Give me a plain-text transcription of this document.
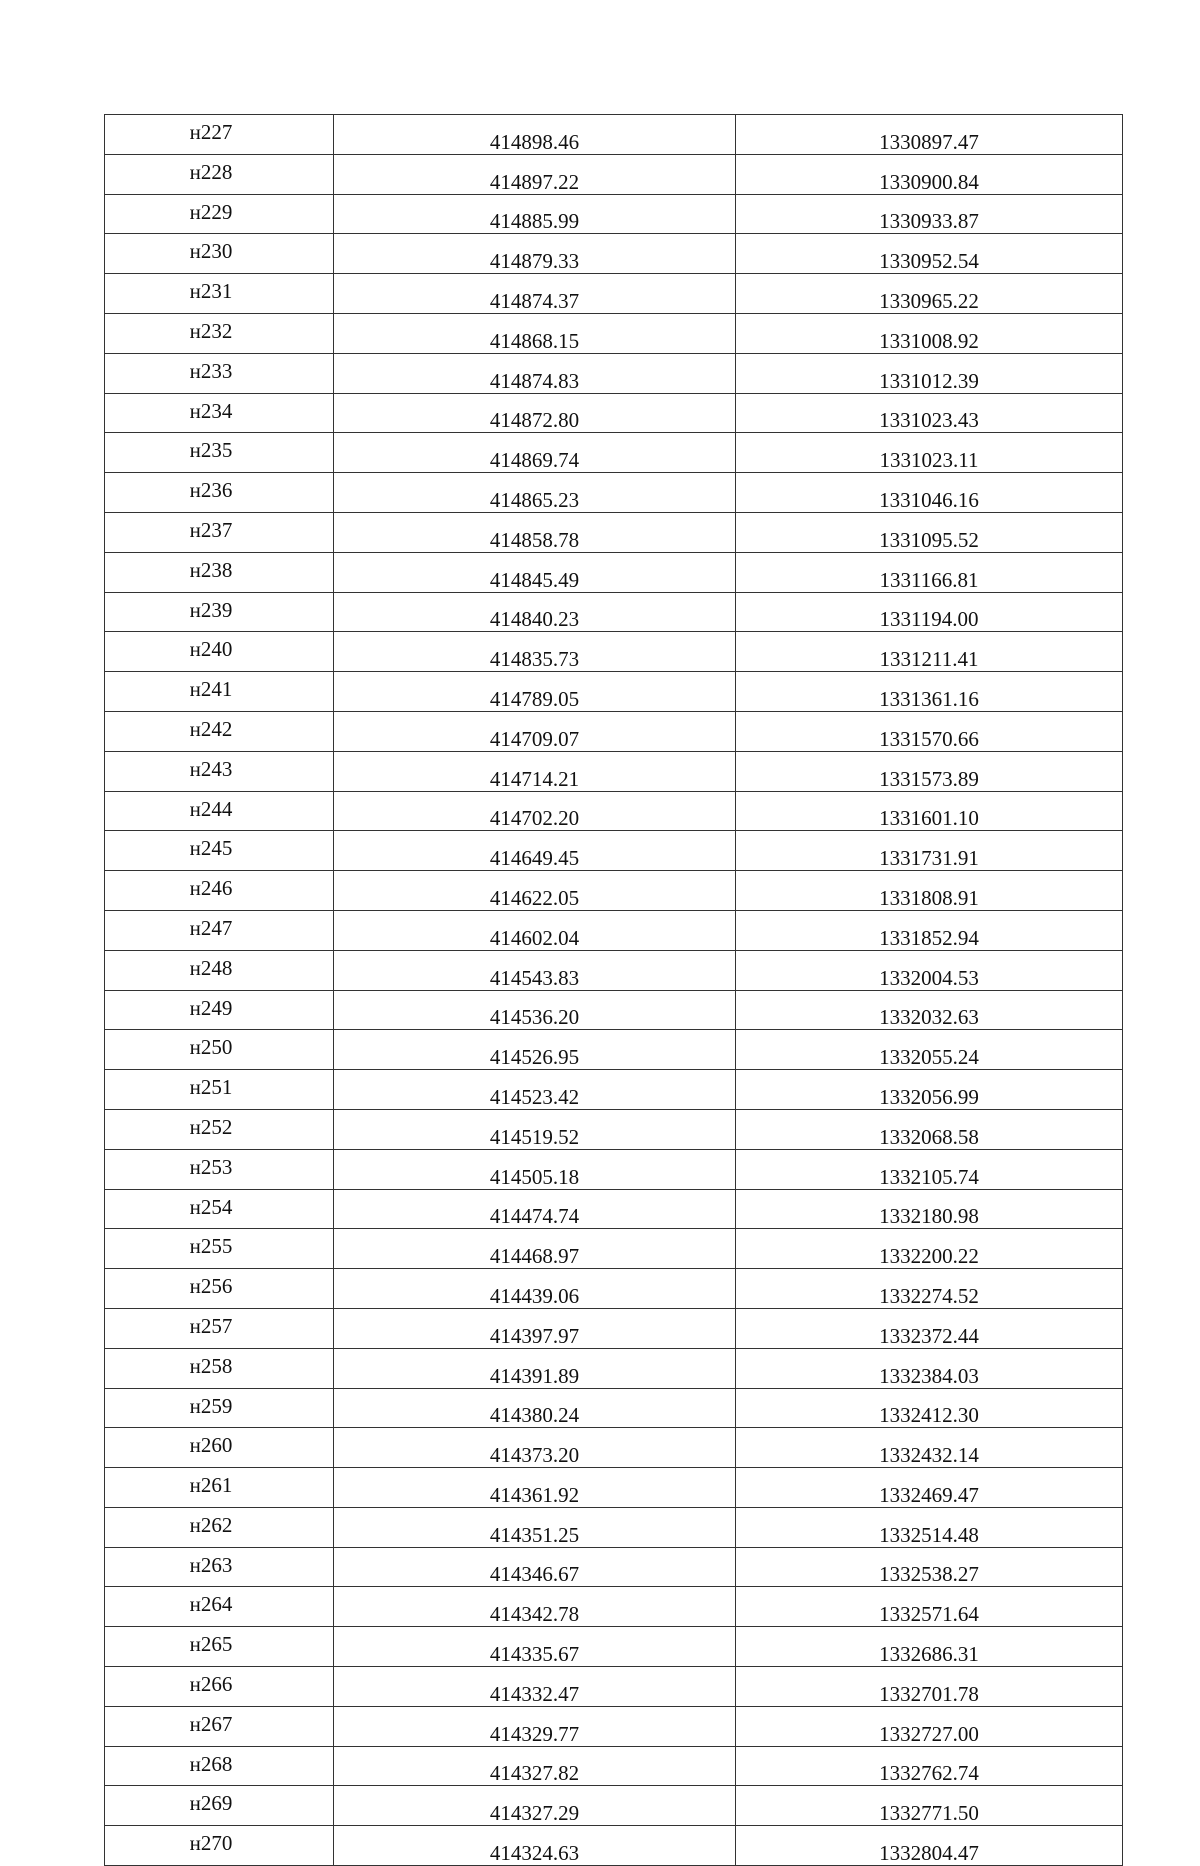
н227	414898.46	1330897.47
н228	414897.22	1330900.84
н229	414885.99	1330933.87
н230	414879.33	1330952.54
н231	414874.37	1330965.22
н232	414868.15	1331008.92
н233	414874.83	1331012.39
н234	414872.80	1331023.43
н235	414869.74	1331023.11
н236	414865.23	1331046.16
н237	414858.78	1331095.52
н238	414845.49	1331166.81
н239	414840.23	1331194.00
н240	414835.73	1331211.41
н241	414789.05	1331361.16
н242	414709.07	1331570.66
н243	414714.21	1331573.89
н244	414702.20	1331601.10
н245	414649.45	1331731.91
н246	414622.05	1331808.91
н247	414602.04	1331852.94
н248	414543.83	1332004.53
н249	414536.20	1332032.63
н250	414526.95	1332055.24
н251	414523.42	1332056.99
н252	414519.52	1332068.58
н253	414505.18	1332105.74
н254	414474.74	1332180.98
н255	414468.97	1332200.22
н256	414439.06	1332274.52
н257	414397.97	1332372.44
н258	414391.89	1332384.03
н259	414380.24	1332412.30
н260	414373.20	1332432.14
н261	414361.92	1332469.47
н262	414351.25	1332514.48
н263	414346.67	1332538.27
н264	414342.78	1332571.64
н265	414335.67	1332686.31
н266	414332.47	1332701.78
н267	414329.77	1332727.00
н268	414327.82	1332762.74
н269	414327.29	1332771.50
н270	414324.63	1332804.47
